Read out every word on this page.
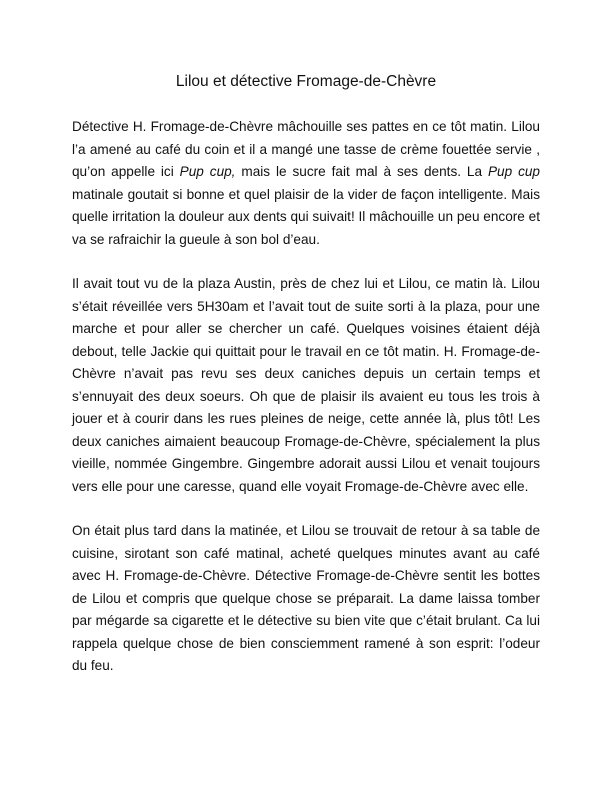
Lilou et détective Fromage-de-Chèvre

Détective H. Fromage-de-Chèvre mâchouille ses pattes en ce tôt matin. Lilou l’a amené au café du coin et il a mangé une tasse de crème fouettée servie , qu’on appelle ici Pup cup, mais le sucre fait mal à ses dents. La Pup cup matinale goutait si bonne et quel plaisir de la vider de façon intelligente. Mais quelle irritation la douleur aux dents qui suivait! Il mâchouille un peu encore et va se rafraichir la gueule à son bol d’eau.

Il avait tout vu de la plaza Austin, près de chez lui et Lilou, ce matin là. Lilou s’était réveillée vers 5H30am et l’avait tout de suite sorti à la plaza, pour une marche et pour aller se chercher un café. Quelques voisines étaient déjà debout, telle Jackie qui quittait pour le travail en ce tôt matin. H. Fromage-de-Chèvre n’avait pas revu ses deux caniches depuis un certain temps et s’ennuyait des deux soeurs. Oh que de plaisir ils avaient eu tous les trois à jouer et à courir dans les rues pleines de neige, cette année là, plus tôt! Les deux caniches aimaient beaucoup Fromage-de-Chèvre, spécialement la plus vieille, nommée Gingembre. Gingembre adorait aussi Lilou et venait toujours vers elle pour une caresse, quand elle voyait Fromage-de-Chèvre avec elle.

On était plus tard dans la matinée, et Lilou se trouvait de retour à sa table de cuisine, sirotant son café matinal, acheté quelques minutes avant au café avec H. Fromage-de-Chèvre. Détective Fromage-de-Chèvre sentit les bottes de Lilou et compris que quelque chose se préparait. La dame laissa tomber par mégarde sa cigarette et le détective su bien vite que c’était brulant. Ca lui rappela quelque chose de bien consciemment ramené à son esprit: l’odeur du feu.
